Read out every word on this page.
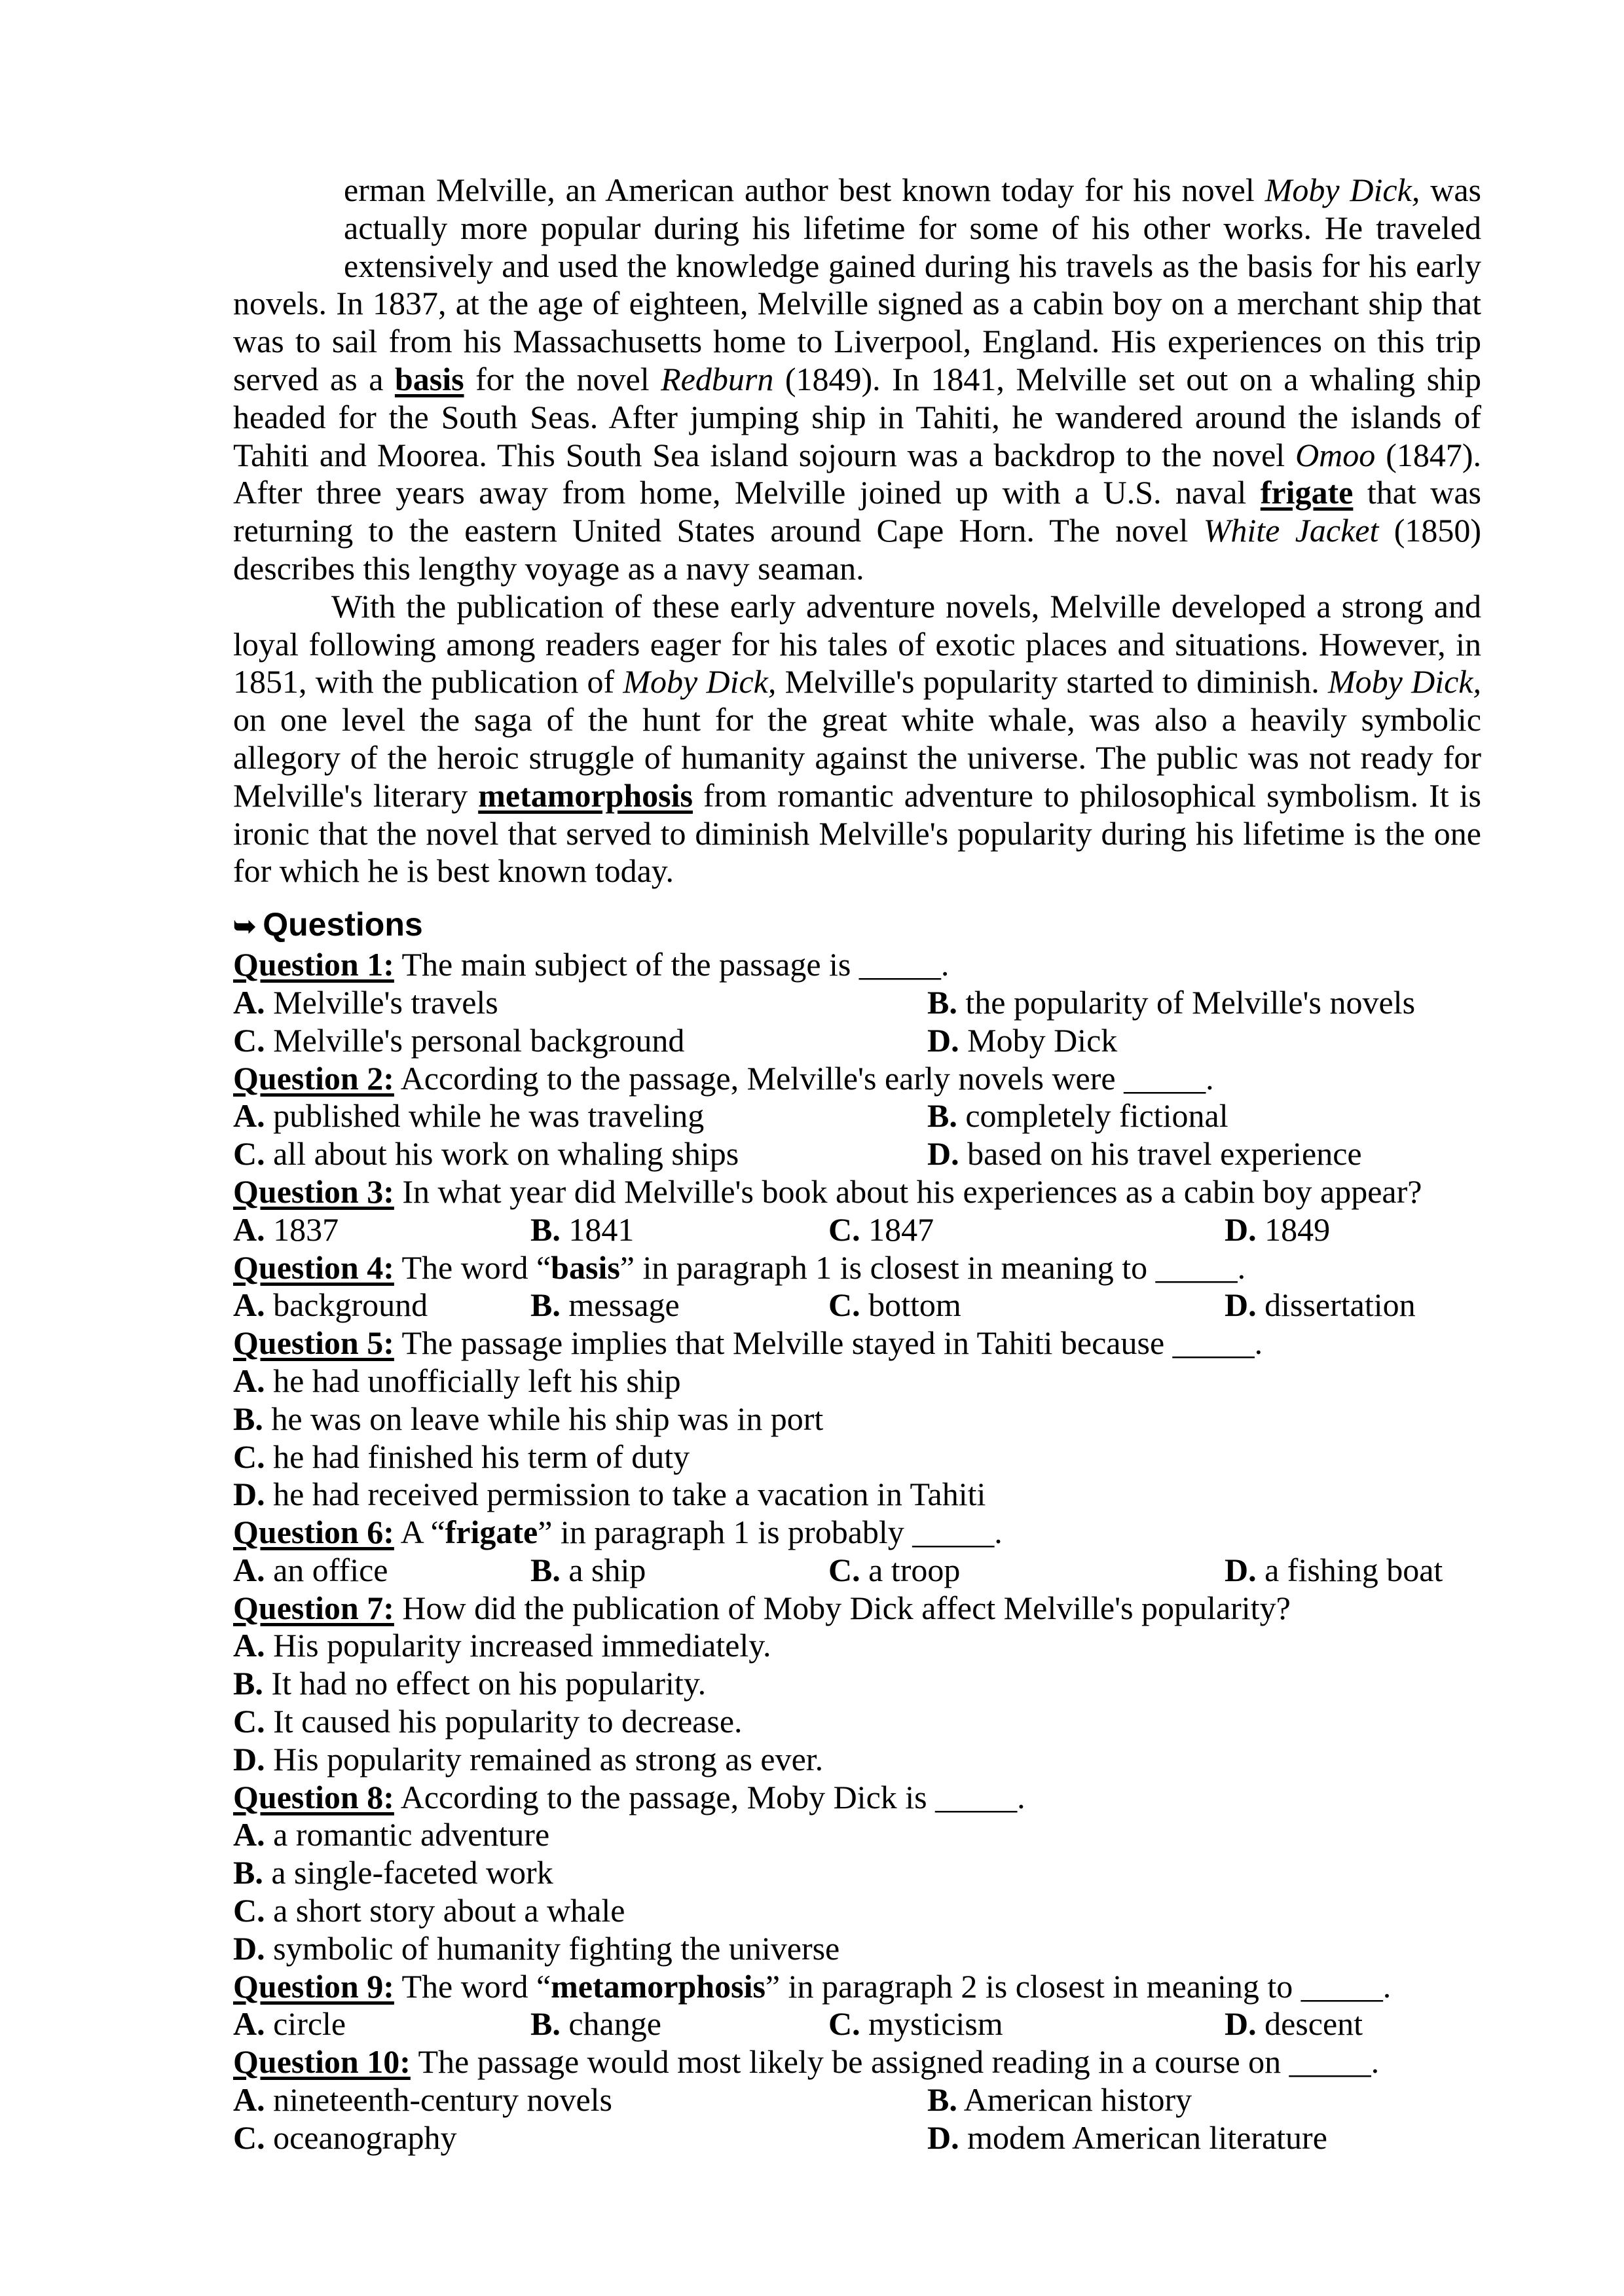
erman Melville, an American author best known today for his novel Moby Dick, was actually more popular during his lifetime for some of his other works. He traveled extensively and used the knowledge gained during his travels as the basis for his early novels. In 1837, at the age of eighteen, Melville signed as a cabin boy on a merchant ship that was to sail from his Massachusetts home to Liverpool, England. His experiences on this trip served as a basis for the novel Redburn (1849). In 1841, Melville set out on a whaling ship headed for the South Seas. After jumping ship in Tahiti, he wandered around the islands of Tahiti and Moorea. This South Sea island sojourn was a backdrop to the novel Omoo (1847). After three years away from home, Melville joined up with a U.S. naval frigate that was returning to the eastern United States around Cape Horn. The novel White Jacket (1850) describes this lengthy voyage as a navy seaman.

With the publication of these early adventure novels, Melville developed a strong and loyal following among readers eager for his tales of exotic places and situations. However, in 1851, with the publication of Moby Dick, Melville's popularity started to diminish. Moby Dick, on one level the saga of the hunt for the great white whale, was also a heavily symbolic allegory of the heroic struggle of humanity against the universe. The public was not ready for Melville's literary metamorphosis from romantic adventure to philosophical symbolism. It is ironic that the novel that served to diminish Melville's popularity during his lifetime is the one for which he is best known today.

➥ Questions
Question 1: The main subject of the passage is _____.
A. Melville's travels	B. the popularity of Melville's novels
C. Melville's personal background	D. Moby Dick
Question 2: According to the passage, Melville's early novels were _____.
A. published while he was traveling	B. completely fictional
C. all about his work on whaling ships	D. based on his travel experience
Question 3: In what year did Melville's book about his experiences as a cabin boy appear?
A. 1837	B. 1841	C. 1847	D. 1849
Question 4: The word “basis” in paragraph 1 is closest in meaning to _____.
A. background	B. message	C. bottom	D. dissertation
Question 5: The passage implies that Melville stayed in Tahiti because _____.
A. he had unofficially left his ship
B. he was on leave while his ship was in port
C. he had finished his term of duty
D. he had received permission to take a vacation in Tahiti
Question 6: A “frigate” in paragraph 1 is probably _____.
A. an office	B. a ship	C. a troop	D. a fishing boat
Question 7: How did the publication of Moby Dick affect Melville's popularity?
A. His popularity increased immediately.
B. It had no effect on his popularity.
C. It caused his popularity to decrease.
D. His popularity remained as strong as ever.
Question 8: According to the passage, Moby Dick is _____.
A. a romantic adventure
B. a single-faceted work
C. a short story about a whale
D. symbolic of humanity fighting the universe
Question 9: The word “metamorphosis” in paragraph 2 is closest in meaning to _____.
A. circle	B. change	C. mysticism	D. descent
Question 10: The passage would most likely be assigned reading in a course on _____.
A. nineteenth-century novels	B. American history
C. oceanography	D. modem American literature
